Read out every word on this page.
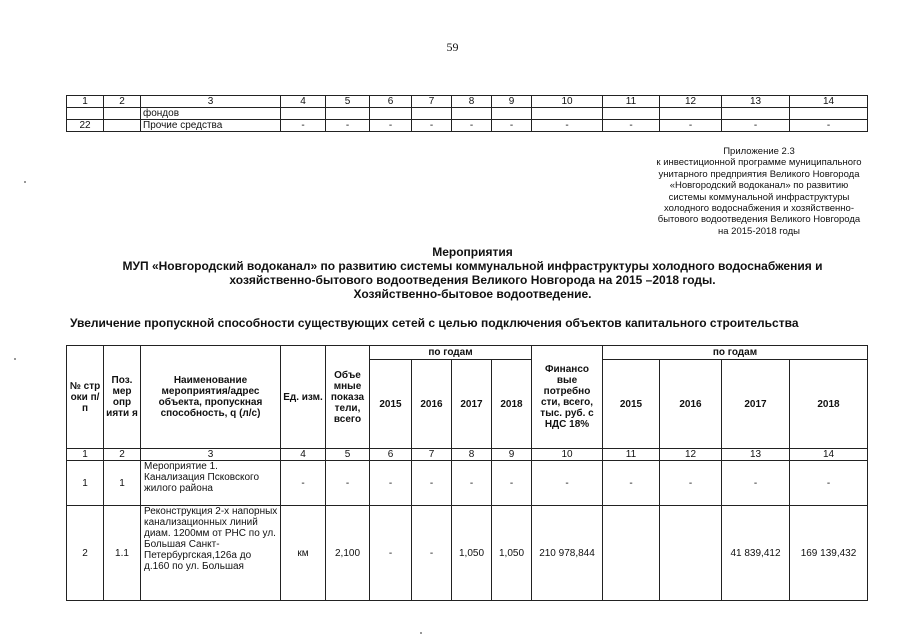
59
1	2	3	4	5	6	7	8	9	10	11	12	13	14
		фондов											
22		Прочие средства	-	-	-	-	-	-	-	-	-	-	-
Приложение 2.3
к инвестиционной программе муниципального
унитарного предприятия Великого Новгорода
«Новгородский водоканал» по развитию
системы коммунальной инфраструктуры
холодного водоснабжения и хозяйственно-
бытового водоотведения Великого Новгорода
на 2015-2018 годы
Мероприятия
МУП «Новгородский водоканал» по развитию системы коммунальной инфраструктуры холодного водоснабжения и
хозяйственно-бытового водоотведения Великого Новгорода на 2015 –2018 годы.
Хозяйственно-бытовое водоотведение.
Увеличение пропускной способности существующих сетей с целью подключения объектов капитального строительства
№ стр оки п/п	Поз. мер опр ияти я	Наименование мероприятия/адрес объекта, пропускная способность, q (л/с)	Ед. изм.	Объе мные показа тели, всего	по годам				Финансо вые потребно сти, всего, тыс. руб. с НДС 18%	по годам			
					2015	2016	2017	2018		2015	2016	2017	2018
1	2	3	4	5	6	7	8	9	10	11	12	13	14
1	1	Мероприятие 1. Канализация Псковского жилого района	-	-	-	-	-	-	-	-	-	-	-
2	1.1	Реконструкция 2-х напорных канализационных линий диам. 1200мм от РНС по ул. Большая Санкт-Петербургская,126а до д.160 по ул. Большая	км	2,100	-	-	1,050	1,050	210 978,844			41 839,412	169 139,432
